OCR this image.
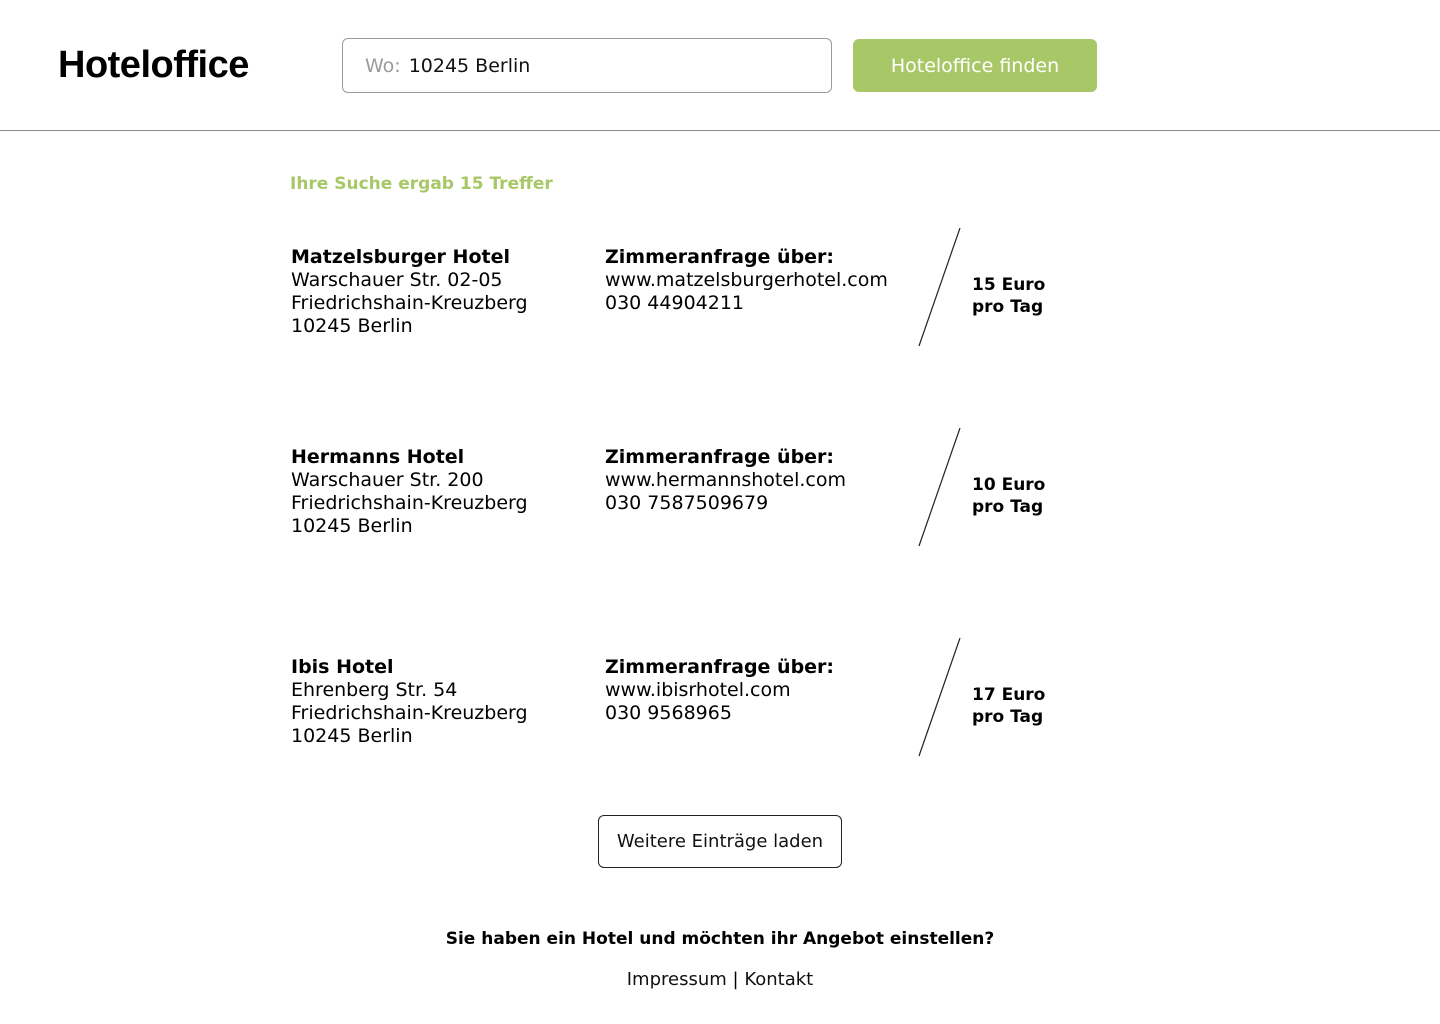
Hoteloffice	Wo:
10245 Berlin	Hoteloffice finden

Ihre Suche ergab 15 Treffer

Matzelsburger Hotel
Warschauer Str. 02-05
Friedrichshain-Kreuzberg
10245 Berlin
Zimmeranfrage über:
www.matzelsburgerhotel.com
030 44904211
15 Euro
pro Tag
Hermanns Hotel
Warschauer Str. 200
Friedrichshain-Kreuzberg
10245 Berlin
Zimmeranfrage über:
www.hermannshotel.com
030 7587509679
10 Euro
pro Tag
Ibis Hotel
Ehrenberg Str. 54
Friedrichshain-Kreuzberg
10245 Berlin
Zimmeranfrage über:
www.ibisrhotel.com
030 9568965
17 Euro
pro Tag
Weitere Einträge laden
Sie haben ein Hotel und möchten ihr Angebot einstellen?
Impressum | Kontakt
